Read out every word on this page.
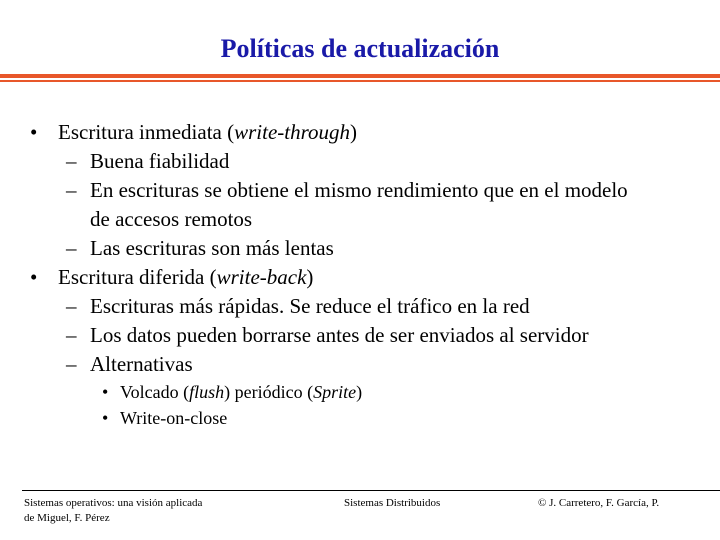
Políticas de actualización
• Escritura inmediata (write-through)
– Buena fiabilidad
– En escrituras se obtiene el mismo rendimiento que en el modelo de accesos remotos
– Las escrituras son más lentas
• Escritura diferida (write-back)
– Escrituras más rápidas. Se reduce el tráfico en la red
– Los datos pueden borrarse antes de ser enviados al servidor
– Alternativas
• Volcado (flush) periódico (Sprite)
• Write-on-close
Sistemas operativos: una visión aplicada
de Miguel, F. Pérez
Sistemas Distribuidos	© J. Carretero, F. García, P.
